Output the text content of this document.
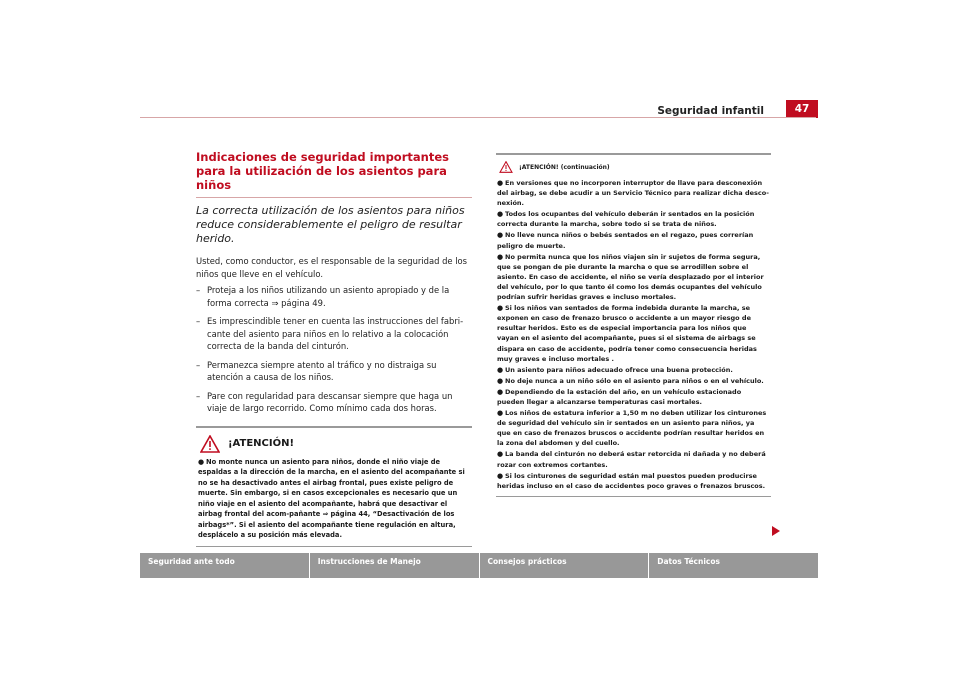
Seguridad infantil	47
Indicaciones de seguridad importantes para la utilización de los asientos para niños
La correcta utilización de los asientos para niños reduce considerablemente el peligro de resultar herido.
Usted, como conductor, es el responsable de la seguridad de los niños que lleve en el vehículo.
– Proteja a los niños utilizando un asiento apropiado y de la forma correcta ⇒ página 49.
– Es imprescindible tener en cuenta las instrucciones del fabri-cante del asiento para niños en lo relativo a la colocación correcta de la banda del cinturón.
– Permanezca siempre atento al tráfico y no distraiga su atención a causa de los niños.
– Pare con regularidad para descansar siempre que haga un viaje de largo recorrido. Como mínimo cada dos horas.
¡ATENCIÓN!
● No monte nunca un asiento para niños, donde el niño viaje de espaldas a la dirección de la marcha, en el asiento del acompañante si no se ha desactivado antes el airbag frontal, pues existe peligro de muerte. Sin embargo, si en casos excepcionales es necesario que un niño viaje en el asiento del acompañante, habrá que desactivar el airbag frontal del acom-pañante ⇒ página 44, “Desactivación de los airbags*”. Si el asiento del acompañante tiene regulación en altura, desplácelo a su posición más elevada.
¡ATENCIÓN! (continuación)
● En versiones que no incorporen interruptor de llave para desconexión del airbag, se debe acudir a un Servicio Técnico para realizar dicha desco-nexión.
● Todos los ocupantes del vehículo deberán ir sentados en la posición correcta durante la marcha, sobre todo si se trata de niños.
● No lleve nunca niños o bebés sentados en el regazo, pues correrían peligro de muerte.
● No permita nunca que los niños viajen sin ir sujetos de forma segura, que se pongan de pie durante la marcha o que se arrodillen sobre el asiento. En caso de accidente, el niño se vería desplazado por el interior del vehículo, por lo que tanto él como los demás ocupantes del vehículo podrían sufrir heridas graves e incluso mortales.
● Si los niños van sentados de forma indebida durante la marcha, se exponen en caso de frenazo brusco o accidente a un mayor riesgo de resultar heridos. Esto es de especial importancia para los niños que vayan en el asiento del acompañante, pues si el sistema de airbags se dispara en caso de accidente, podría tener como consecuencia heridas muy graves e incluso mortales .
● Un asiento para niños adecuado ofrece una buena protección.
● No deje nunca a un niño sólo en el asiento para niños o en el vehículo.
● Dependiendo de la estación del año, en un vehículo estacionado pueden llegar a alcanzarse temperaturas casi mortales.
● Los niños de estatura inferior a 1,50 m no deben utilizar los cinturones de seguridad del vehículo sin ir sentados en un asiento para niños, ya que en caso de frenazos bruscos o accidente podrían resultar heridos en la zona del abdomen y del cuello.
● La banda del cinturón no deberá estar retorcida ni dañada y no deberá rozar con extremos cortantes.
● Si los cinturones de seguridad están mal puestos pueden producirse heridas incluso en el caso de accidentes poco graves o frenazos bruscos.
Seguridad ante todo	Instrucciones de Manejo	Consejos prácticos	Datos Técnicos
